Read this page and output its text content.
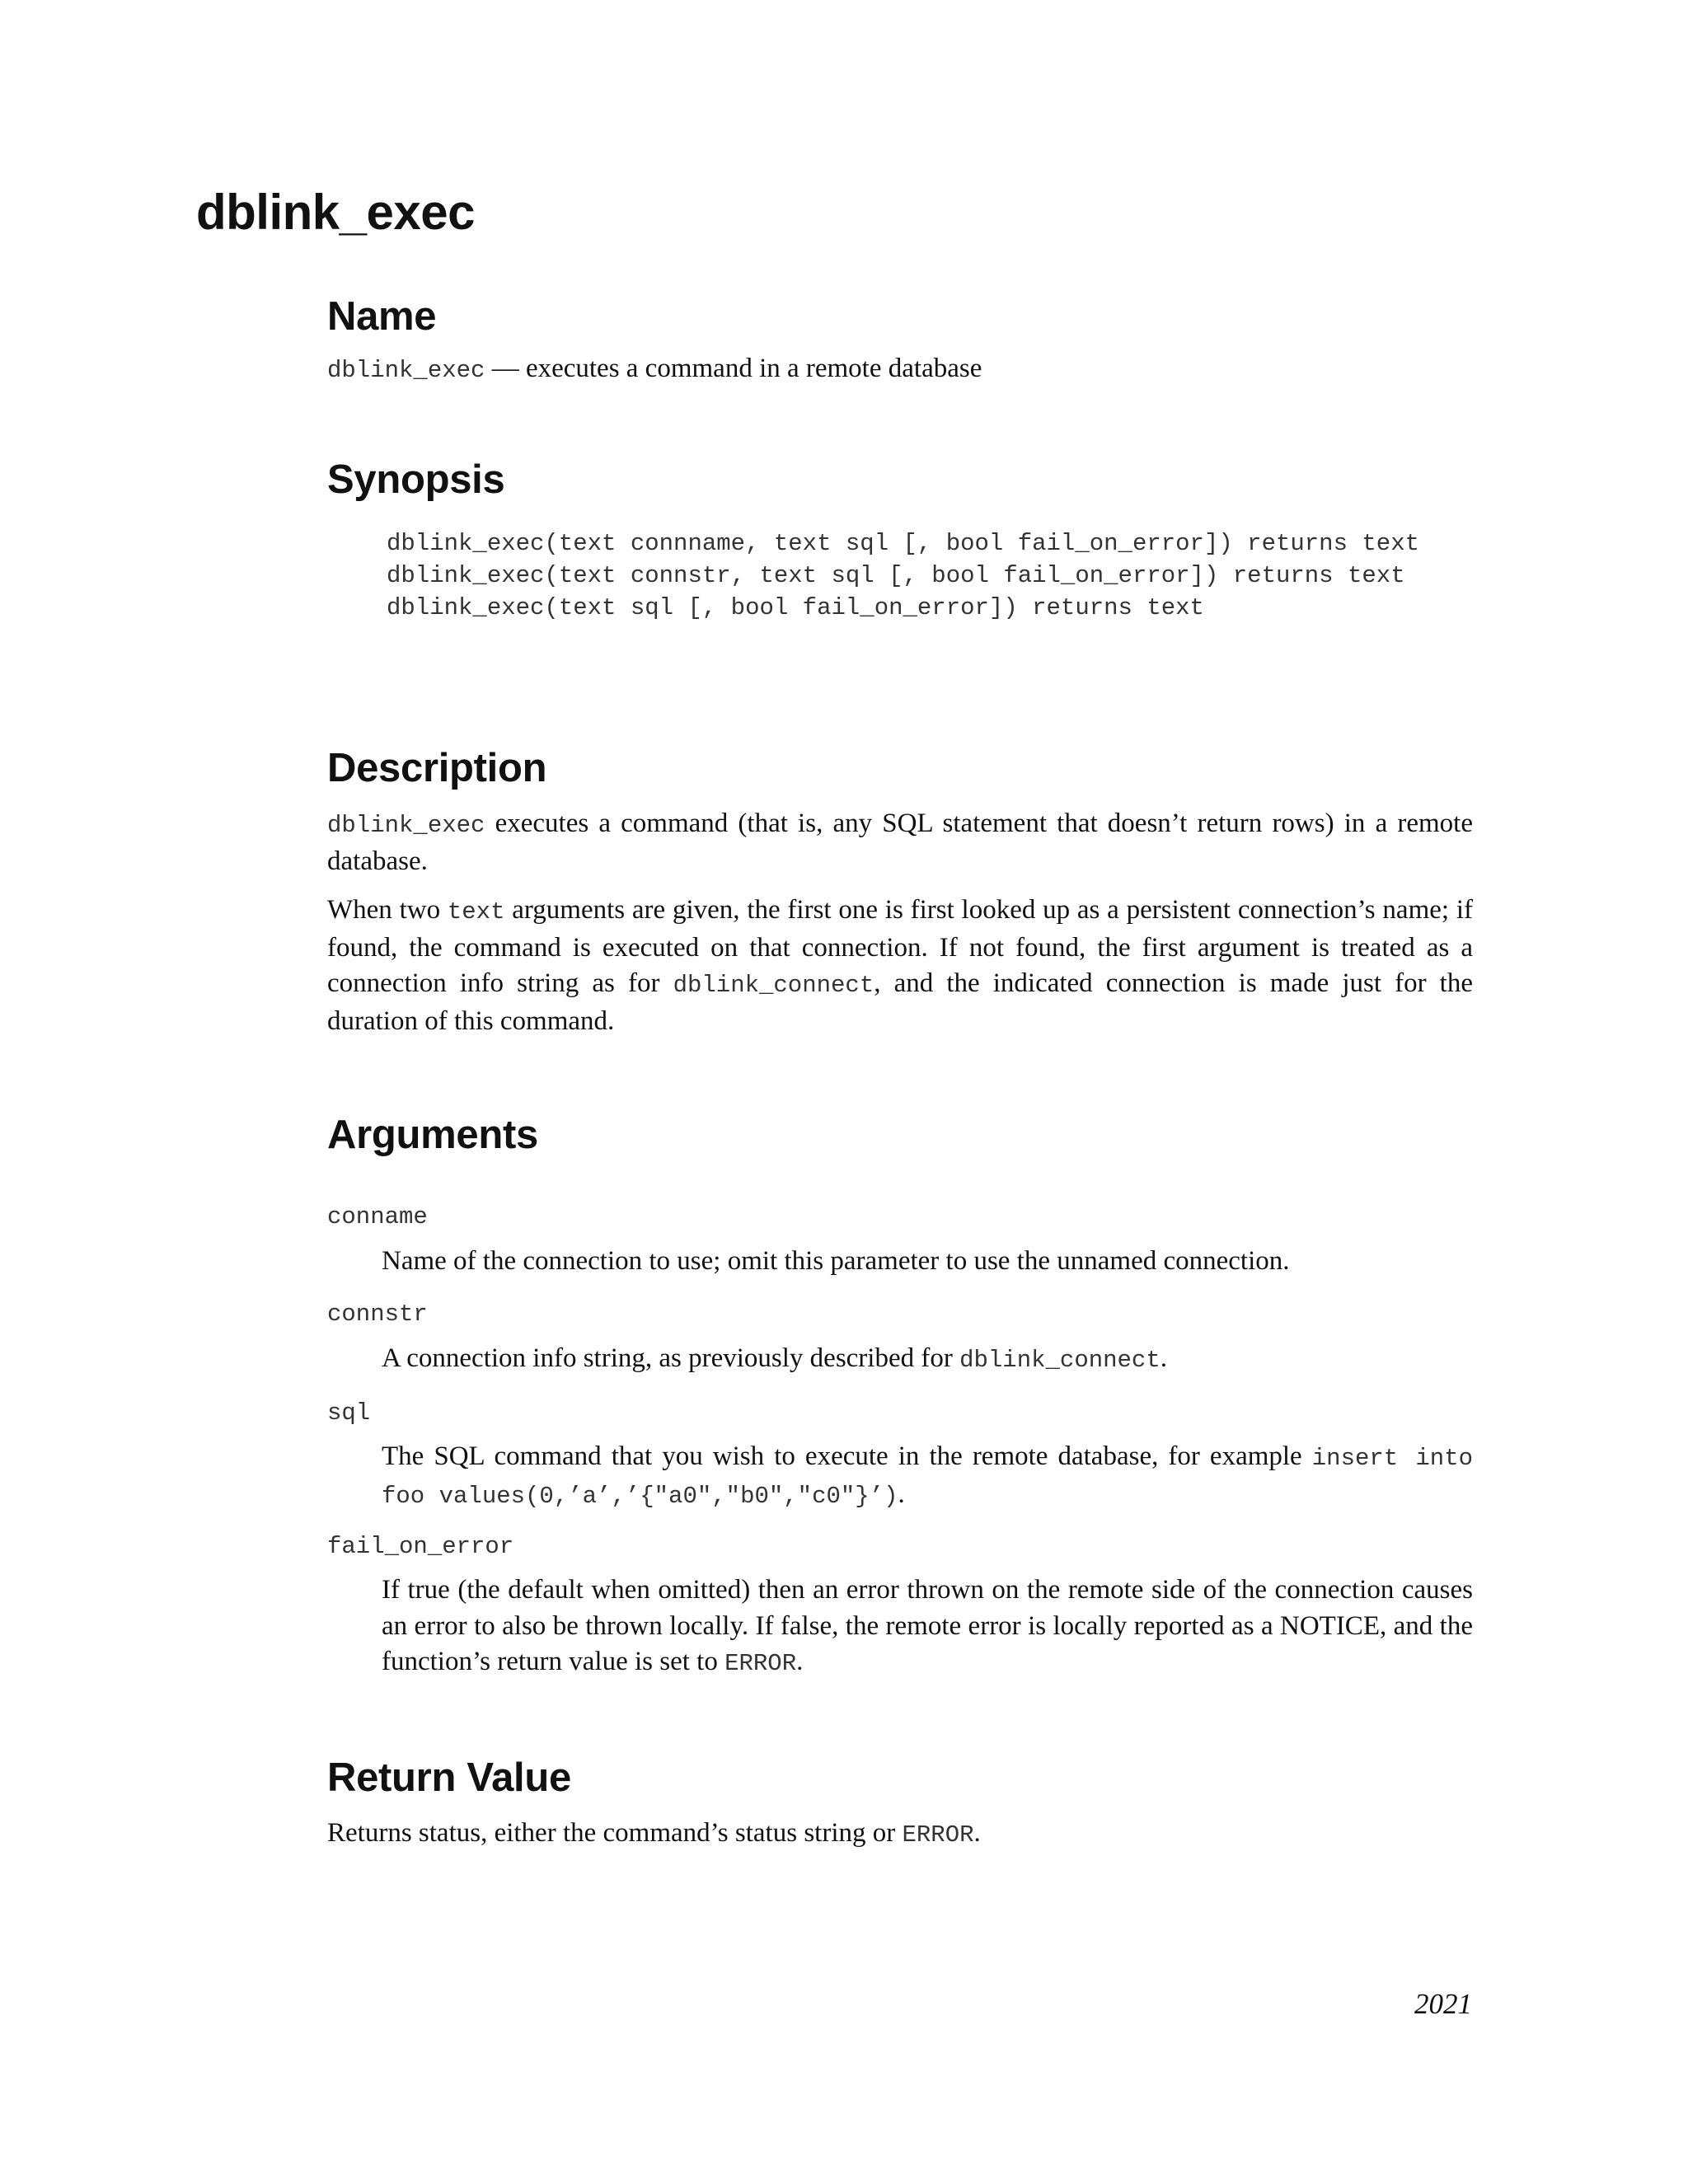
dblink_exec
Name

dblink_exec — executes a command in a remote database

Synopsis

dblink_exec(text connname, text sql [, bool fail_on_error]) returns text

dblink_exec(text connstr, text sql [, bool fail_on_error]) returns text

dblink_exec(text sql [, bool fail_on_error]) returns text

Description

dblink_exec executes a command (that is, any SQL statement that doesn’t return rows) in a remote database.

When two text arguments are given, the first one is first looked up as a persistent connection’s name; if found, the command is executed on that connection. If not found, the first argument is treated as a connection info string as for dblink_connect, and the indicated connection is made just for the duration of this command.

Arguments

conname

Name of the connection to use; omit this parameter to use the unnamed connection.

connstr

A connection info string, as previously described for dblink_connect.

sql

The SQL command that you wish to execute in the remote database, for example insert into foo values(0,’a’,’{"a0","b0","c0"}’).

fail_on_error

If true (the default when omitted) then an error thrown on the remote side of the connection causes an error to also be thrown locally. If false, the remote error is locally reported as a NOTICE, and the function’s return value is set to ERROR.

Return Value

Returns status, either the command’s status string or ERROR.

2021
